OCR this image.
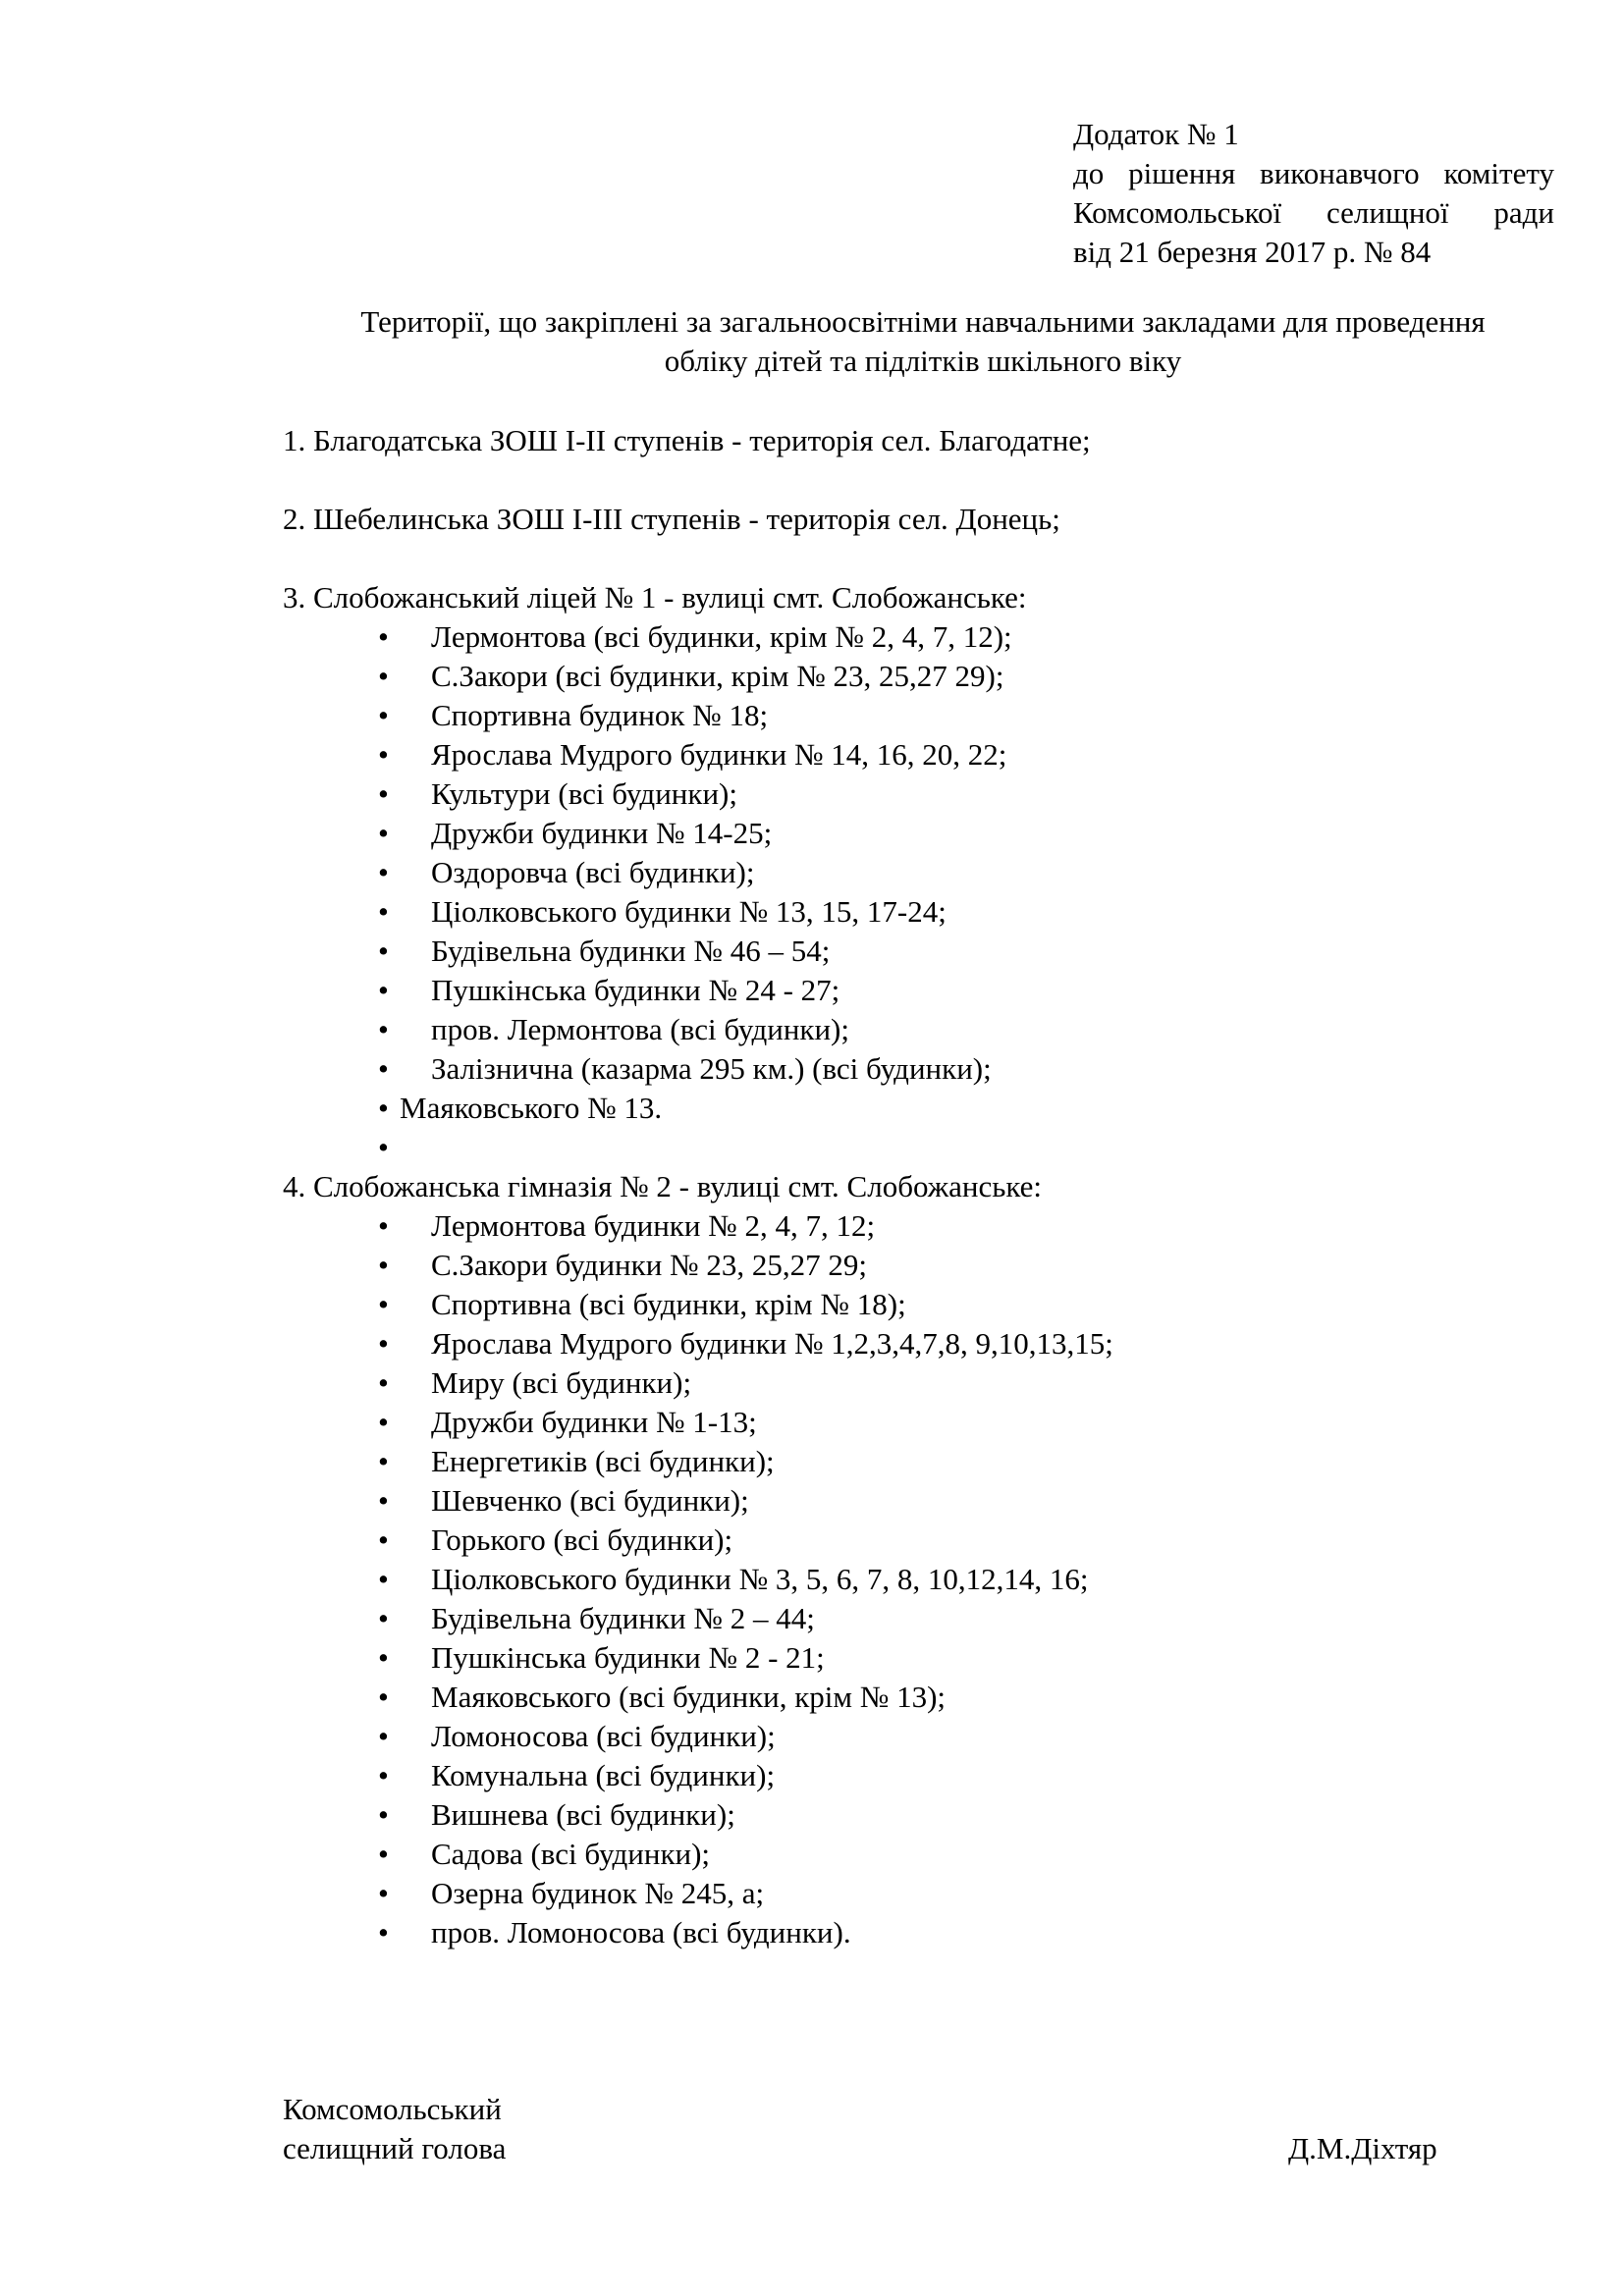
Додаток № 1
до рішення виконавчого комітету
Комсомольської селищної ради
від 21 березня 2017 р. № 84
Території, що закріплені за загальноосвітніми навчальними закладами для проведення
обліку дітей та підлітків шкільного віку
1. Благодатська ЗОШ І-ІІ ступенів - територія сел. Благодатне;
2. Шебелинська ЗОШ І-ІІІ ступенів - територія сел. Донець;
3. Слобожанський ліцей № 1 - вулиці смт. Слобожанське:
• Лермонтова (всі будинки, крім № 2, 4, 7, 12);
• С.Закори (всі будинки, крім № 23, 25,27 29);
• Спортивна будинок № 18;
• Ярослава Мудрого будинки № 14, 16, 20, 22;
• Культури (всі будинки);
• Дружби будинки № 14-25;
• Оздоровча (всі будинки);
• Ціолковського будинки № 13, 15, 17-24;
• Будівельна будинки № 46 – 54;
• Пушкінська будинки № 24 - 27;
• пров. Лермонтова (всі будинки);
• Залізнична (казарма 295 км.) (всі будинки);
• Маяковського № 13.
•
4. Слобожанська гімназія № 2 - вулиці смт. Слобожанське:
• Лермонтова будинки № 2, 4, 7, 12;
• С.Закори будинки № 23, 25,27 29;
• Спортивна (всі будинки, крім № 18);
• Ярослава Мудрого будинки № 1,2,3,4,7,8, 9,10,13,15;
• Миру (всі будинки);
• Дружби будинки № 1-13;
• Енергетиків (всі будинки);
• Шевченко (всі будинки);
• Горького (всі будинки);
• Ціолковського будинки № 3, 5, 6, 7, 8, 10,12,14, 16;
• Будівельна будинки № 2 – 44;
• Пушкінська будинки № 2 - 21;
• Маяковського (всі будинки, крім № 13);
• Ломоносова (всі будинки);
• Комунальна (всі будинки);
• Вишнева (всі будинки);
• Садова (всі будинки);
• Озерна будинок № 245, а;
• пров. Ломоносова (всі будинки).
Комсомольський
селищний голова	Д.М.Діхтяр
